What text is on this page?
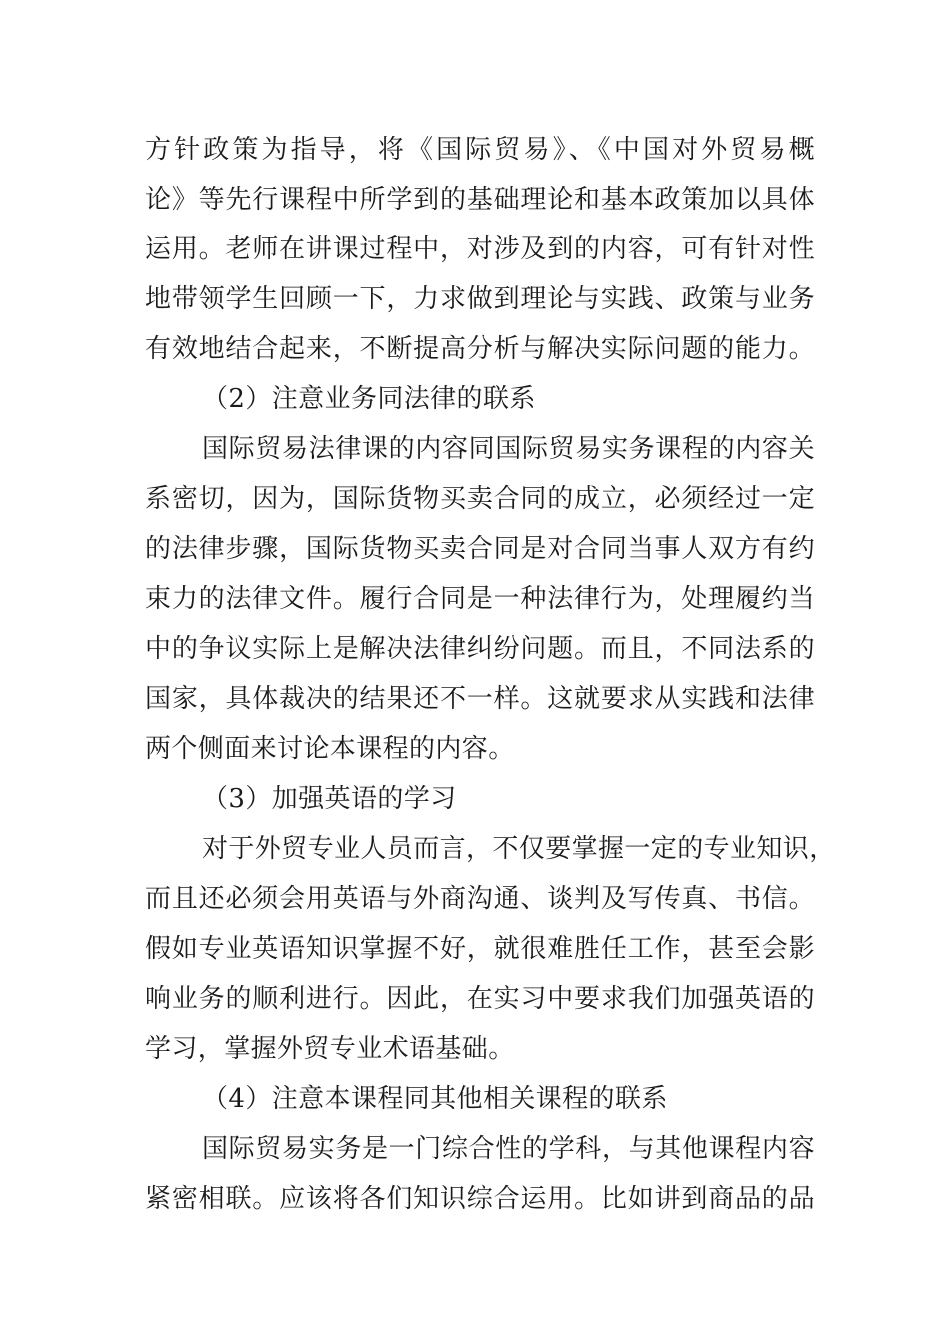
方针政策为指导，将《国际贸易》、《中国对外贸易概
论》等先行课程中所学到的基础理论和基本政策加以具体
运用。老师在讲课过程中，对涉及到的内容，可有针对性
地带领学生回顾一下，力求做到理论与实践、政策与业务
有效地结合起来，不断提高分析与解决实际问题的能力。
（2）注意业务同法律的联系
国际贸易法律课的内容同国际贸易实务课程的内容关
系密切，因为，国际货物买卖合同的成立，必须经过一定
的法律步骤，国际货物买卖合同是对合同当事人双方有约
束力的法律文件。履行合同是一种法律行为，处理履约当
中的争议实际上是解决法律纠纷问题。而且，不同法系的
国家，具体裁决的结果还不一样。这就要求从实践和法律
两个侧面来讨论本课程的内容。
（3）加强英语的学习
对于外贸专业人员而言，不仅要掌握一定的专业知识，
而且还必须会用英语与外商沟通、谈判及写传真、书信。
假如专业英语知识掌握不好，就很难胜任工作，甚至会影
响业务的顺利进行。因此，在实习中要求我们加强英语的
学习，掌握外贸专业术语基础。
（4）注意本课程同其他相关课程的联系
国际贸易实务是一门综合性的学科，与其他课程内容
紧密相联。应该将各们知识综合运用。比如讲到商品的品
